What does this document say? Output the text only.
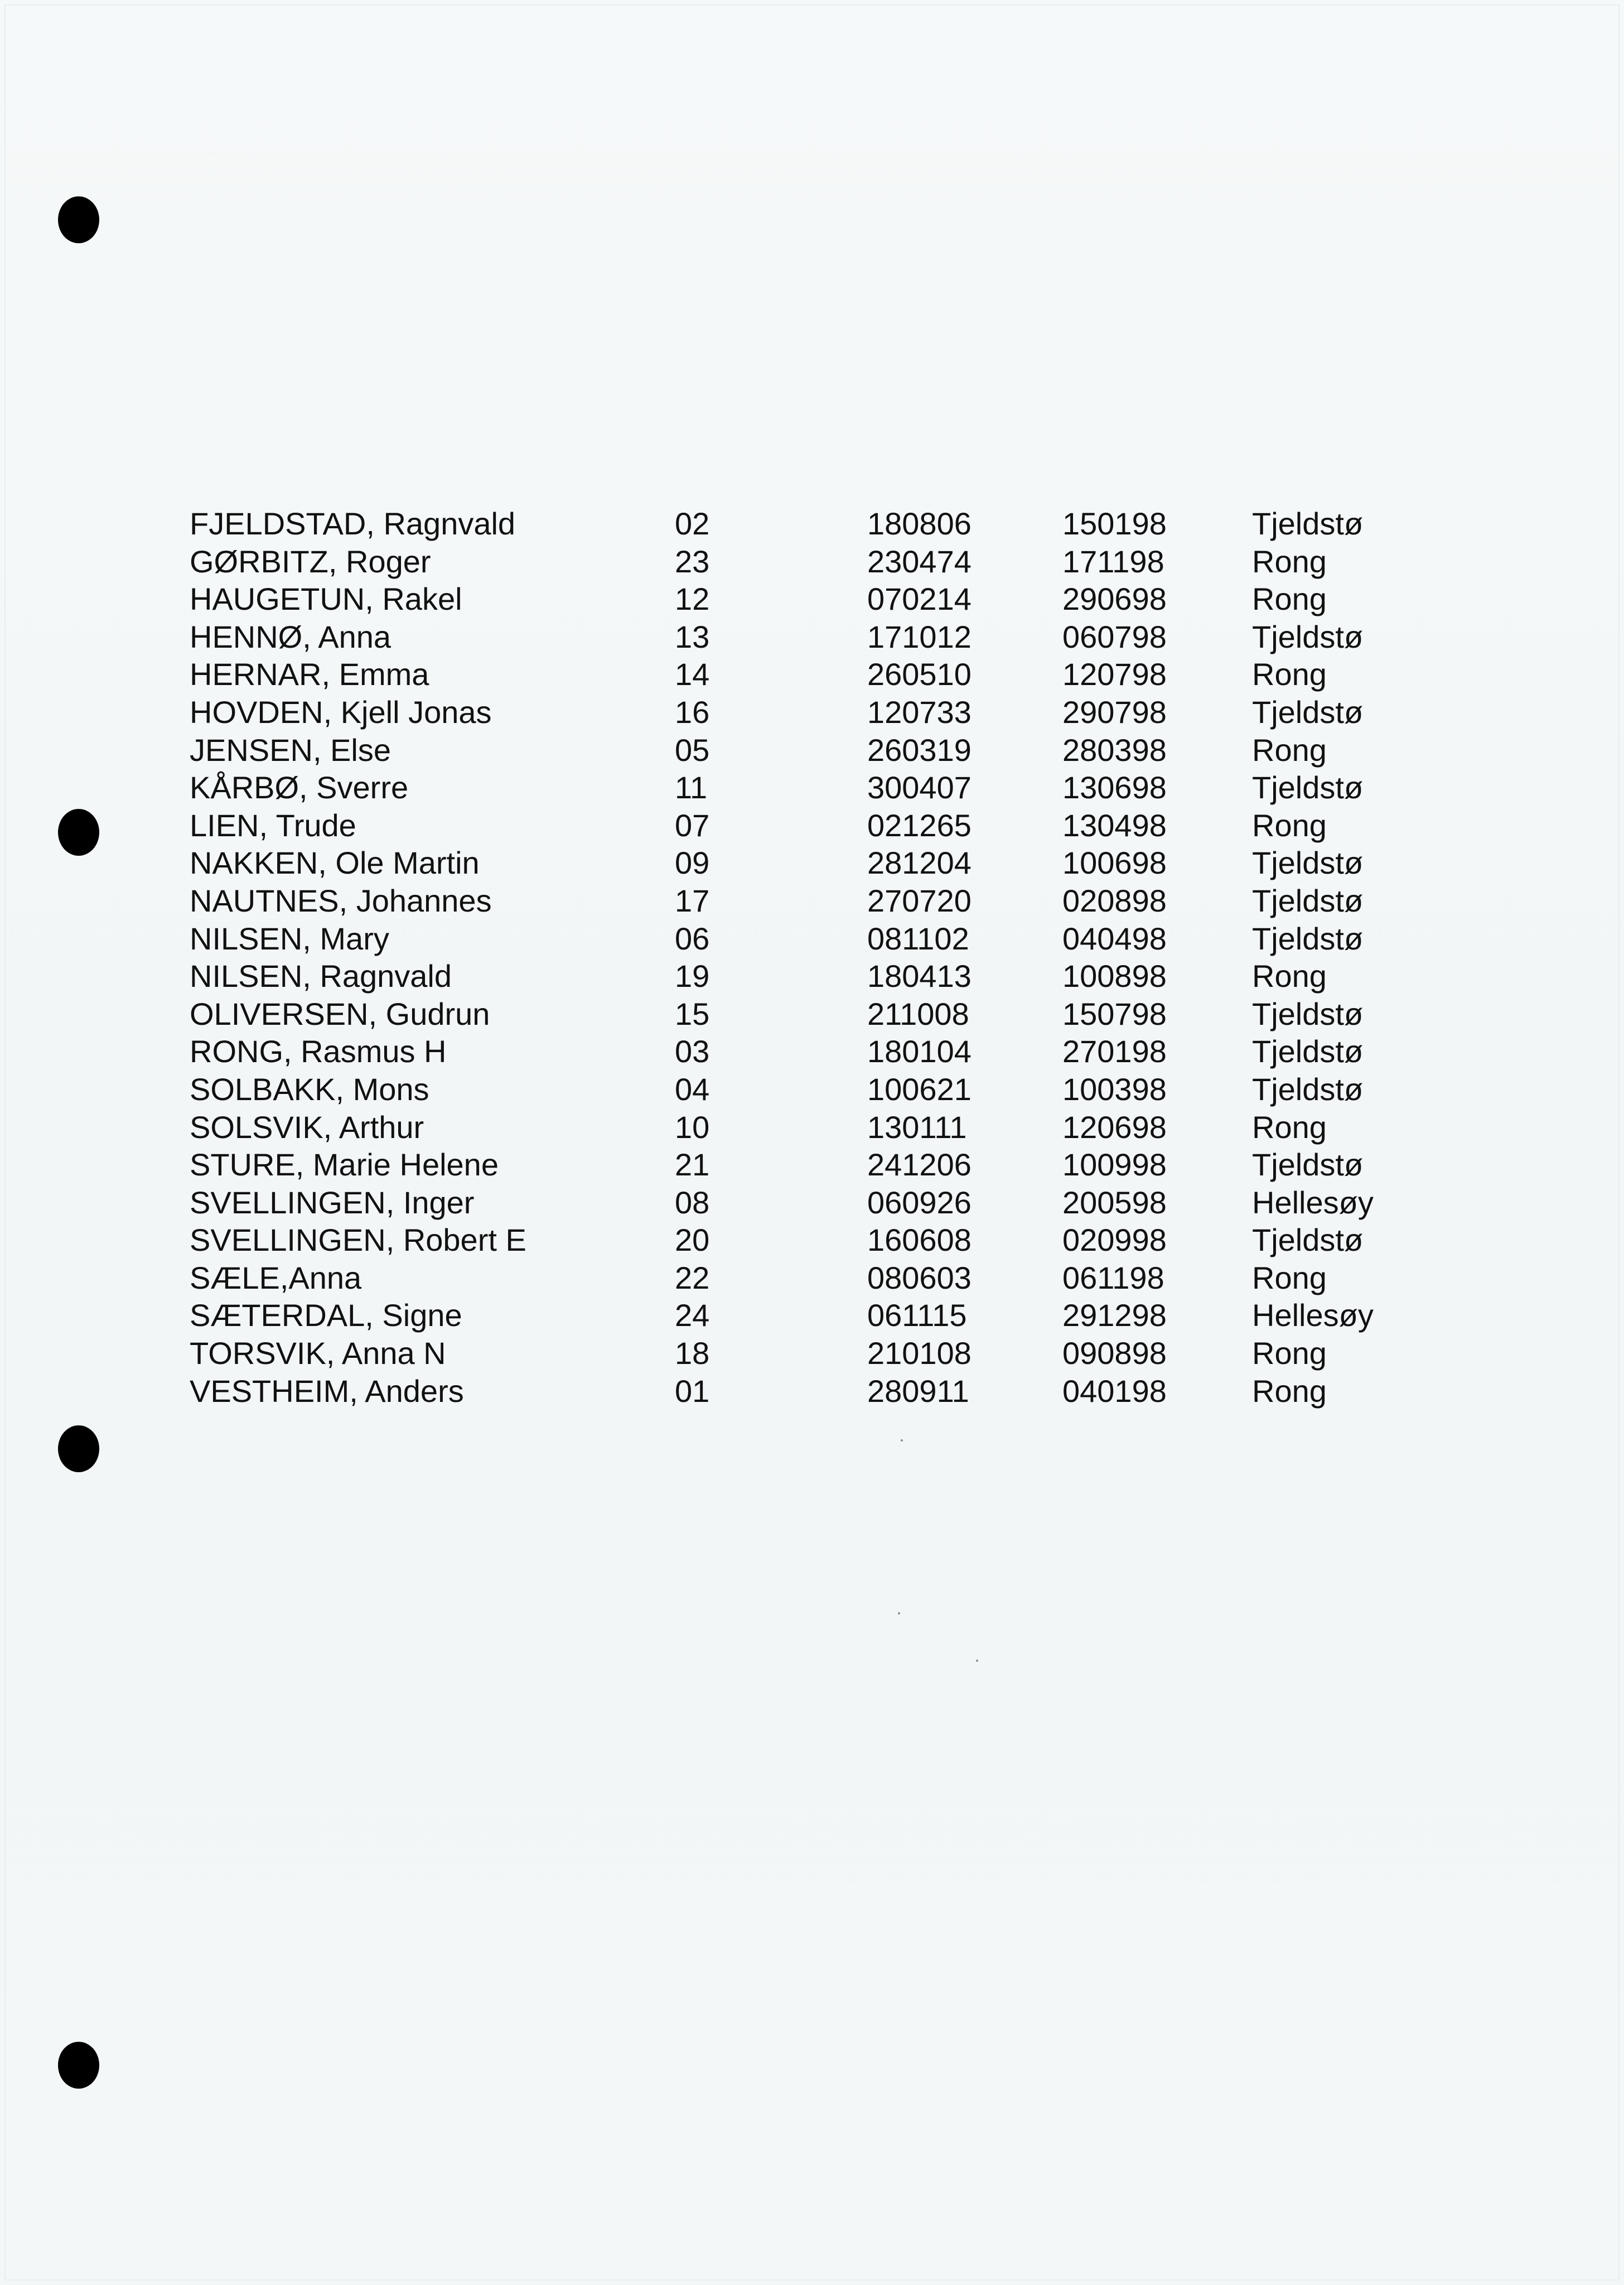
FJELDSTAD, Ragnvald	02	180806	150198	Tjeldstø
GØRBITZ, Roger	23	230474	171198	Rong
HAUGETUN, Rakel	12	070214	290698	Rong
HENNØ, Anna	13	171012	060798	Tjeldstø
HERNAR, Emma	14	260510	120798	Rong
HOVDEN, Kjell Jonas	16	120733	290798	Tjeldstø
JENSEN, Else	05	260319	280398	Rong
KÅRBØ, Sverre	11	300407	130698	Tjeldstø
LIEN, Trude	07	021265	130498	Rong
NAKKEN, Ole Martin	09	281204	100698	Tjeldstø
NAUTNES, Johannes	17	270720	020898	Tjeldstø
NILSEN, Mary	06	081102	040498	Tjeldstø
NILSEN, Ragnvald	19	180413	100898	Rong
OLIVERSEN, Gudrun	15	211008	150798	Tjeldstø
RONG, Rasmus H	03	180104	270198	Tjeldstø
SOLBAKK, Mons	04	100621	100398	Tjeldstø
SOLSVIK, Arthur	10	130111	120698	Rong
STURE, Marie Helene	21	241206	100998	Tjeldstø
SVELLINGEN, Inger	08	060926	200598	Hellesøy
SVELLINGEN, Robert E	20	160608	020998	Tjeldstø
SÆLE,Anna	22	080603	061198	Rong
SÆTERDAL, Signe	24	061115	291298	Hellesøy
TORSVIK, Anna N	18	210108	090898	Rong
VESTHEIM, Anders	01	280911	040198	Rong
